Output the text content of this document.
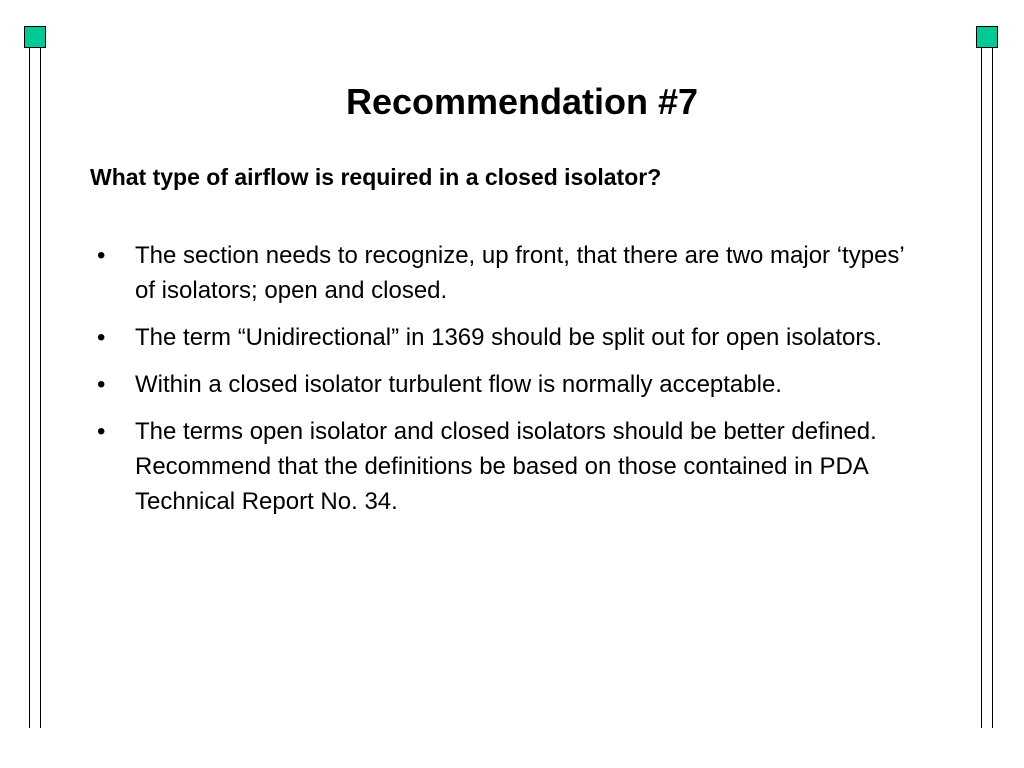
Recommendation #7
What type of airflow is required in a closed isolator?
• The section needs to recognize, up front, that there are two major ‘types’ of isolators; open and closed.
• The term “Unidirectional” in 1369 should be split out for open isolators.
• Within a closed isolator turbulent flow is normally acceptable.
• The terms open isolator and closed isolators should be better defined. Recommend that the definitions be based on those contained in PDA Technical Report No. 34.
